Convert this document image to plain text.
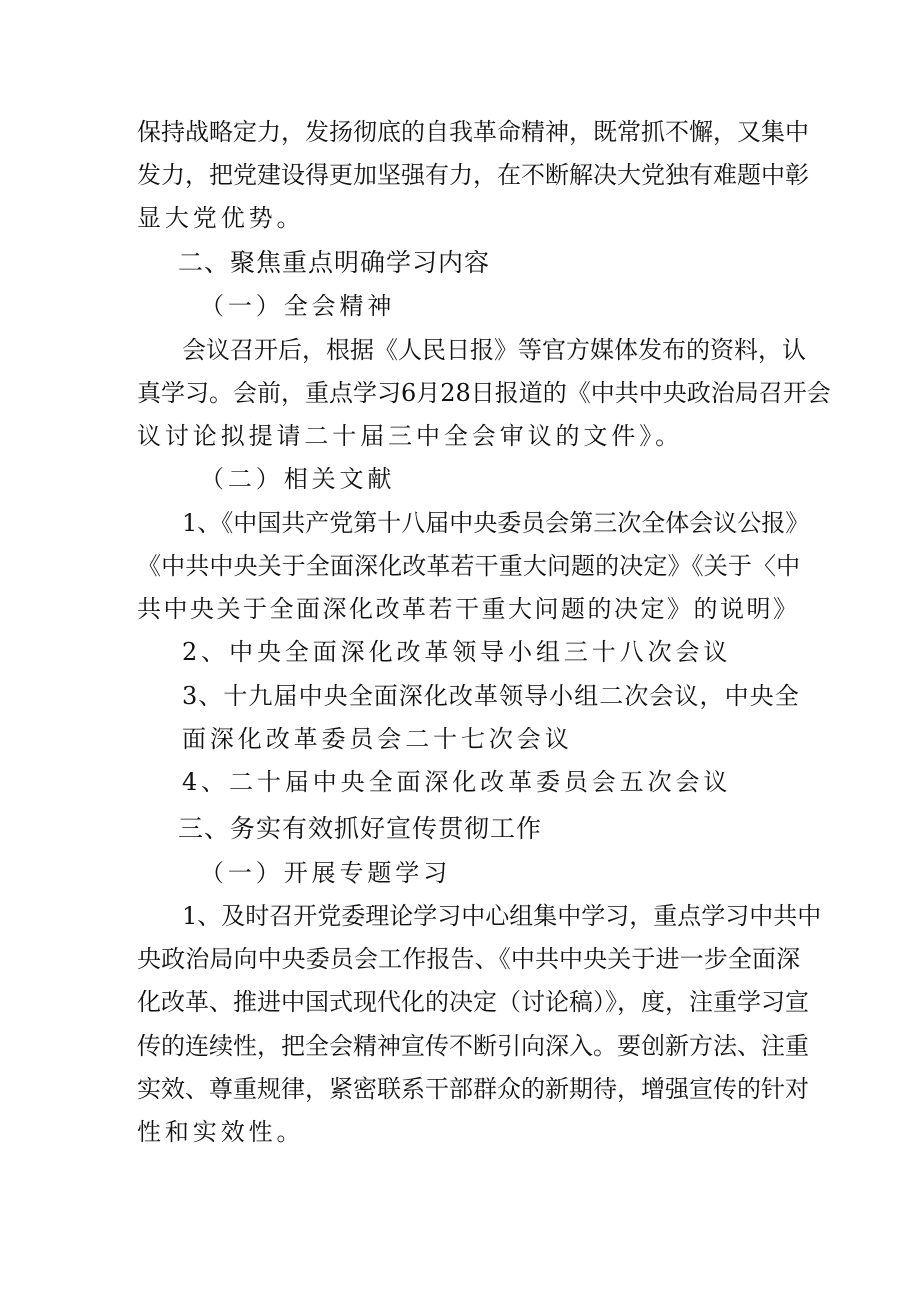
保持战略定力，发扬彻底的自我革命精神，既常抓不懈，又集中
发力，把党建设得更加坚强有力，在不断解决大党独有难题中彰
显大党优势。
二、聚焦重点明确学习内容
（一）全会精神
会议召开后，根据《人民日报》等官方媒体发布的资料，认
真学习。会前，重点学习6月28日报道的《中共中央政治局召开会
议讨论拟提请二十届三中全会审议的文件》。
（二）相关文献
1、《中国共产党第十八届中央委员会第三次全体会议公报》
《中共中央关于全面深化改革若干重大问题的决定》《关于〈中
共中央关于全面深化改革若干重大问题的决定》的说明》
2、中央全面深化改革领导小组三十八次会议
3、十九届中央全面深化改革领导小组二次会议，中央全
面深化改革委员会二十七次会议
4、二十届中央全面深化改革委员会五次会议
三、务实有效抓好宣传贯彻工作
（一）开展专题学习
1、及时召开党委理论学习中心组集中学习，重点学习中共中
央政治局向中央委员会工作报告、《中共中央关于进一步全面深
化改革、推进中国式现代化的决定（讨论稿）》，度，注重学习宣
传的连续性，把全会精神宣传不断引向深入。要创新方法、注重
实效、尊重规律，紧密联系干部群众的新期待，增强宣传的针对
性和实效性。
